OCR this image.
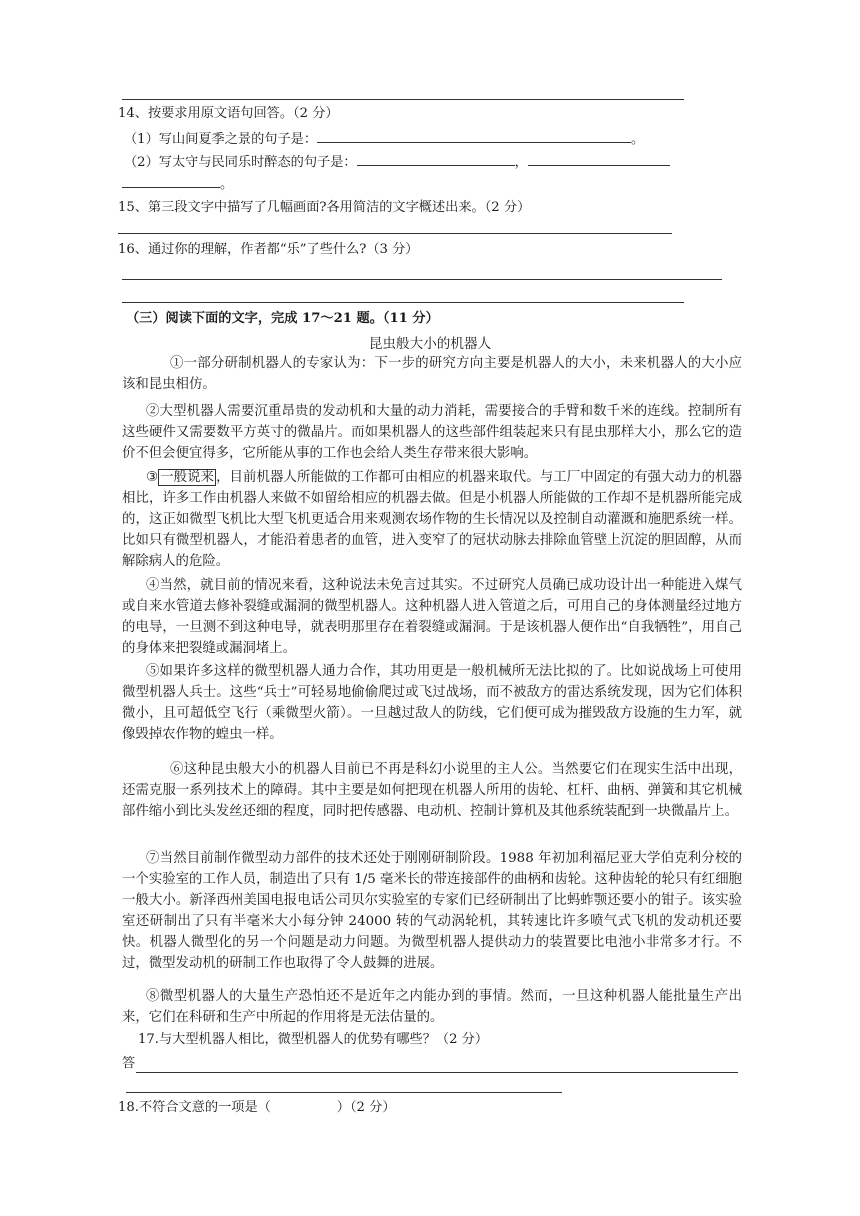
14、按要求用原文语句回答。（2 分）
（1）写山间夏季之景的句子是：	。
（2）写太守与民同乐时醉态的句子是：	，
。
15、第三段文字中描写了几幅画面?各用简洁的文字概述出来。（2 分）
16、通过你的理解，作者都“乐”了些什么?（3 分）
（三）阅读下面的文字，完成 17～21 题。（11 分）
昆虫般大小的机器人
①一部分研制机器人的专家认为：下一步的研究方向主要是机器人的大小，未来机器人的大小应该和昆虫相仿。
②大型机器人需要沉重昂贵的发动机和大量的动力消耗，需要接合的手臂和数千米的连线。控制所有这些硬件又需要数平方英寸的微晶片。而如果机器人的这些部件组装起来只有昆虫那样大小，那么它的造价不但会便宜得多，它所能从事的工作也会给人类生存带来很大影响。
③ 一般说来 ，目前机器人所能做的工作都可由相应的机器来取代。与工厂中固定的有强大动力的机器相比，许多工作由机器人来做不如留给相应的机器去做。但是小机器人所能做的工作却不是机器所能完成的，这正如微型飞机比大型飞机更适合用来观测农场作物的生长情况以及控制自动灌溉和施肥系统一样。比如只有微型机器人，才能沿着患者的血管，进入变窄了的冠状动脉去排除血管壁上沉淀的胆固醇，从而解除病人的危险。
④当然，就目前的情况来看，这种说法未免言过其实。不过研究人员确已成功设计出一种能进入煤气或自来水管道去修补裂缝或漏洞的微型机器人。这种机器人进入管道之后，可用自己的身体测量经过地方的电导，一旦测不到这种电导，就表明那里存在着裂缝或漏洞。于是该机器人便作出“自我牺牲”，用自己的身体来把裂缝或漏洞堵上。
⑤如果许多这样的微型机器人通力合作，其功用更是一般机械所无法比拟的了。比如说战场上可使用微型机器人兵士。这些“兵士”可轻易地偷偷爬过或飞过战场，而不被敌方的雷达系统发现，因为它们体积微小，且可超低空飞行（乘微型火箭）。一旦越过敌人的防线，它们便可成为摧毁敌方设施的生力军，就像毁掉农作物的蝗虫一样。
⑥这种昆虫般大小的机器人目前已不再是科幻小说里的主人公。当然要它们在现实生活中出现，还需克服一系列技术上的障碍。其中主要是如何把现在机器人所用的齿轮、杠杆、曲柄、弹簧和其它机械部件缩小到比头发丝还细的程度，同时把传感器、电动机、控制计算机及其他系统装配到一块微晶片上。
⑦当然目前制作微型动力部件的技术还处于刚刚研制阶段。1988 年初加利福尼亚大学伯克利分校的一个实验室的工作人员，制造出了只有 1/5 毫米长的带连接部件的曲柄和齿轮。这种齿轮的轮只有红细胞一般大小。新泽西州美国电报电话公司贝尔实验室的专家们已经研制出了比蚂蚱颚还要小的钳子。该实验室还研制出了只有半毫米大小每分钟 24000 转的气动涡轮机，其转速比许多喷气式飞机的发动机还要快。机器人微型化的另一个问题是动力问题。为微型机器人提供动力的装置要比电池小非常多才行。不过，微型发动机的研制工作也取得了令人鼓舞的进展。
⑧微型机器人的大量生产恐怕还不是近年之内能办到的事情。然而，一旦这种机器人能批量生产出来，它们在科研和生产中所起的作用将是无法估量的。
17.与大型机器人相比，微型机器人的优势有哪些？（2 分）
答
18.不符合文意的一项是（　　　　　）（2 分）
